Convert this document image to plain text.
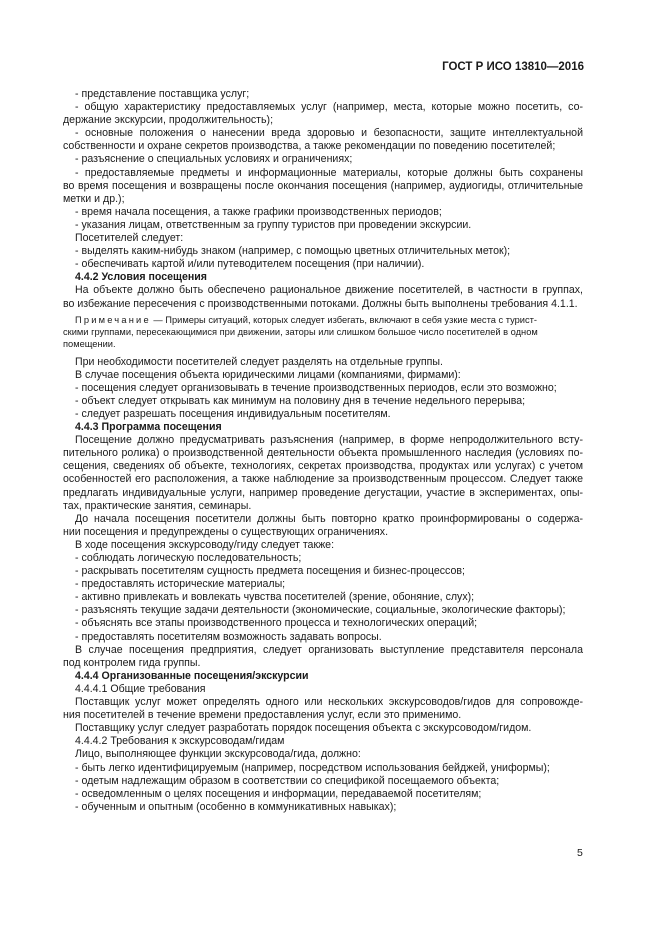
ГОСТ Р ИСО 13810—2016
- представление поставщика услуг;
- общую характеристику предоставляемых услуг (например, места, которые можно посетить, со-
держание экскурсии, продолжительность);
- основные положения о нанесении вреда здоровью и безопасности, защите интеллектуальной
собственности и охране секретов производства, а также рекомендации по поведению посетителей;
- разъяснение о специальных условиях и ограничениях;
- предоставляемые предметы и информационные материалы, которые должны быть сохранены
во время посещения и возвращены после окончания посещения (например, аудиогиды, отличительные
метки и др.);
- время начала посещения, а также графики производственных периодов;
- указания лицам, ответственным за группу туристов при проведении экскурсии.
Посетителей следует:
- выделять каким-нибудь знаком (например, с помощью цветных отличительных меток);
- обеспечивать картой и/или путеводителем посещения (при наличии).
4.4.2 Условия посещения
На объекте должно быть обеспечено рациональное движение посетителей, в частности в группах,
во избежание пересечения с производственными потоками. Должны быть выполнены требования 4.1.1.
Примечание — Примеры ситуаций, которых следует избегать, включают в себя узкие места с турист-
скими группами, пересекающимися при движении, заторы или слишком большое число посетителей в одном
помещении.
При необходимости посетителей следует разделять на отдельные группы.
В случае посещения объекта юридическими лицами (компаниями, фирмами):
- посещения следует организовывать в течение производственных периодов, если это возможно;
- объект следует открывать как минимум на половину дня в течение недельного перерыва;
- следует разрешать посещения индивидуальным посетителям.
4.4.3 Программа посещения
Посещение должно предусматривать разъяснения (например, в форме непродолжительного всту-
пительного ролика) о производственной деятельности объекта промышленного наследия (условиях по-
сещения, сведениях об объекте, технологиях, секретах производства, продуктах или услугах) с учетом
особенностей его расположения, а также наблюдение за производственным процессом. Следует также
предлагать индивидуальные услуги, например проведение дегустации, участие в экспериментах, опы-
тах, практические занятия, семинары.
До начала посещения посетители должны быть повторно кратко проинформированы о содержа-
нии посещения и предупреждены о существующих ограничениях.
В ходе посещения экскурсоводу/гиду следует также:
- соблюдать логическую последовательность;
- раскрывать посетителям сущность предмета посещения и бизнес-процессов;
- предоставлять исторические материалы;
- активно привлекать и вовлекать чувства посетителей (зрение, обоняние, слух);
- разъяснять текущие задачи деятельности (экономические, социальные, экологические факторы);
- объяснять все этапы производственного процесса и технологических операций;
- предоставлять посетителям возможность задавать вопросы.
В случае посещения предприятия, следует организовать выступление представителя персонала
под контролем гида группы.
4.4.4 Организованные посещения/экскурсии
4.4.4.1 Общие требования
Поставщик услуг может определять одного или нескольких экскурсоводов/гидов для сопровожде-
ния посетителей в течение времени предоставления услуг, если это применимо.
Поставщику услуг следует разработать порядок посещения объекта с экскурсоводом/гидом.
4.4.4.2 Требования к экскурсоводам/гидам
Лицо, выполняющее функции экскурсовода/гида, должно:
- быть легко идентифицируемым (например, посредством использования бейджей, униформы);
- одетым надлежащим образом в соответствии со спецификой посещаемого объекта;
- осведомленным о целях посещения и информации, передаваемой посетителям;
- обученным и опытным (особенно в коммуникативных навыках);
5
